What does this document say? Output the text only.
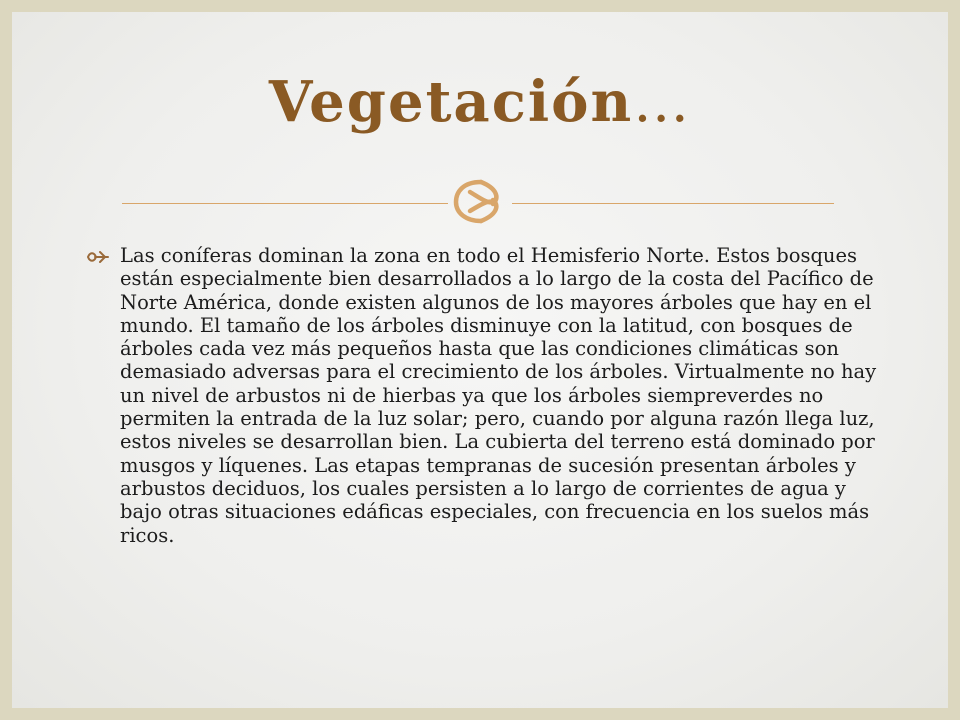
Vegetación…

Las coníferas dominan la zona en todo el Hemisferio Norte. Estos bosques están especialmente bien desarrollados a lo largo de la costa del Pacífico de Norte América, donde existen algunos de los mayores árboles que hay en el mundo. El tamaño de los árboles disminuye con la latitud, con bosques de árboles cada vez más pequeños hasta que las condiciones climáticas son demasiado adversas para el crecimiento de los árboles. Virtualmente no hay un nivel de arbustos ni de hierbas ya que los árboles siempreverdes no permiten la entrada de la luz solar; pero, cuando por alguna razón llega luz, estos niveles se desarrollan bien. La cubierta del terreno está dominado por musgos y líquenes. Las etapas tempranas de sucesión presentan árboles y arbustos deciduos, los cuales persisten a lo largo de corrientes de agua y bajo otras situaciones edáficas especiales, con frecuencia en los suelos más ricos.
